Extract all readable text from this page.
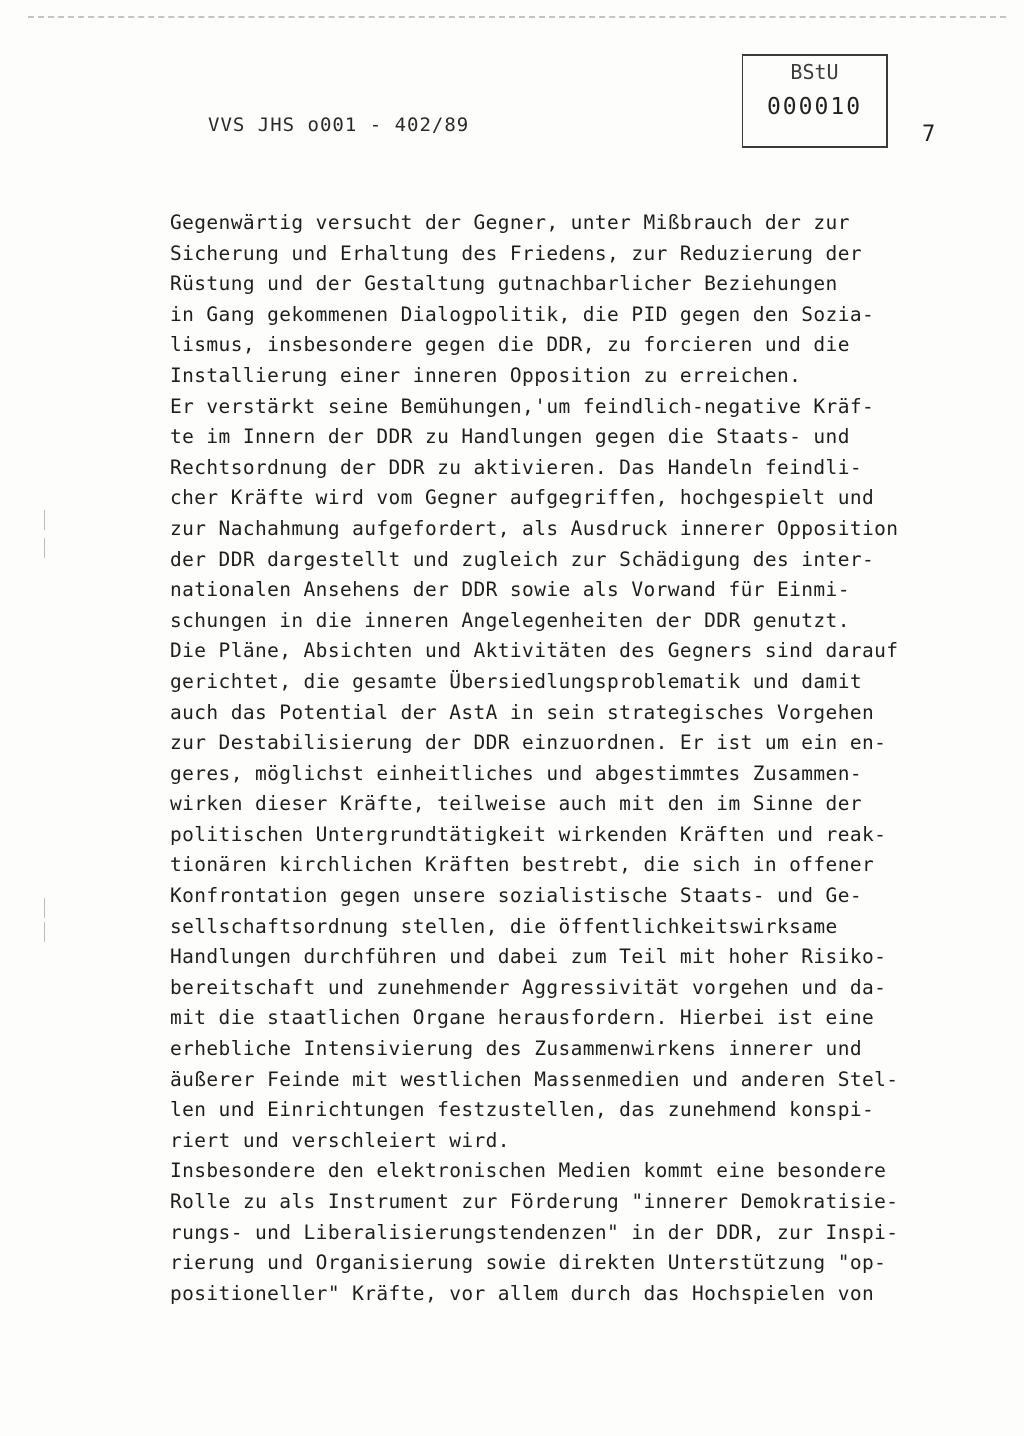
VVS JHS o001 - 402/89
BStU
000010
7
Gegenwärtig versucht der Gegner, unter Mißbrauch der zur
Sicherung und Erhaltung des Friedens, zur Reduzierung der
Rüstung und der Gestaltung gutnachbarlicher Beziehungen
in Gang gekommenen Dialogpolitik, die PID gegen den Sozia-
lismus, insbesondere gegen die DDR, zu forcieren und die
Installierung einer inneren Opposition zu erreichen.
Er verstärkt seine Bemühungen,'um feindlich-negative Kräf-
te im Innern der DDR zu Handlungen gegen die Staats- und
Rechtsordnung der DDR zu aktivieren. Das Handeln feindli-
cher Kräfte wird vom Gegner aufgegriffen, hochgespielt und
zur Nachahmung aufgefordert, als Ausdruck innerer Opposition
der DDR dargestellt und zugleich zur Schädigung des inter-
nationalen Ansehens der DDR sowie als Vorwand für Einmi-
schungen in die inneren Angelegenheiten der DDR genutzt.
Die Pläne, Absichten und Aktivitäten des Gegners sind darauf
gerichtet, die gesamte Übersiedlungsproblematik und damit
auch das Potential der AstA in sein strategisches Vorgehen
zur Destabilisierung der DDR einzuordnen. Er ist um ein en-
geres, möglichst einheitliches und abgestimmtes Zusammen-
wirken dieser Kräfte, teilweise auch mit den im Sinne der
politischen Untergrundtätigkeit wirkenden Kräften und reak-
tionären kirchlichen Kräften bestrebt, die sich in offener
Konfrontation gegen unsere sozialistische Staats- und Ge-
sellschaftsordnung stellen, die öffentlichkeitswirksame
Handlungen durchführen und dabei zum Teil mit hoher Risiko-
bereitschaft und zunehmender Aggressivität vorgehen und da-
mit die staatlichen Organe herausfordern. Hierbei ist eine
erhebliche Intensivierung des Zusammenwirkens innerer und
äußerer Feinde mit westlichen Massenmedien und anderen Stel-
len und Einrichtungen festzustellen, das zunehmend konspi-
riert und verschleiert wird.
Insbesondere den elektronischen Medien kommt eine besondere
Rolle zu als Instrument zur Förderung "innerer Demokratisie-
rungs- und Liberalisierungstendenzen" in der DDR, zur Inspi-
rierung und Organisierung sowie direkten Unterstützung "op-
positioneller" Kräfte, vor allem durch das Hochspielen von
